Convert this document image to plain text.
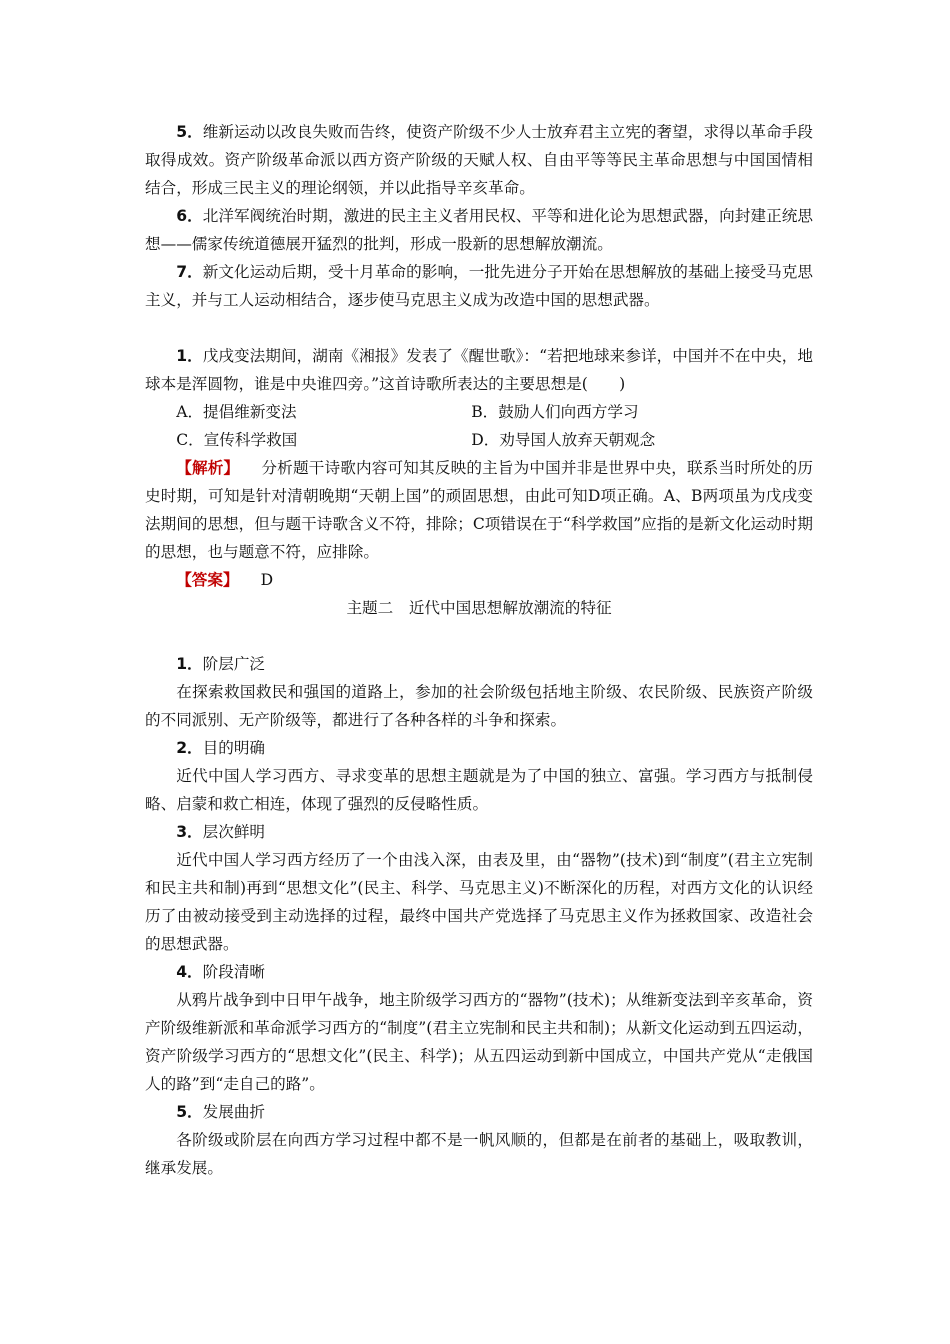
5．维新运动以改良失败而告终，使资产阶级不少人士放弃君主立宪的奢望，求得以革命手段取得成效。资产阶级革命派以西方资产阶级的天赋人权、自由平等等民主革命思想与中国国情相结合，形成三民主义的理论纲领，并以此指导辛亥革命。

6．北洋军阀统治时期，激进的民主主义者用民权、平等和进化论为思想武器，向封建正统思想——儒家传统道德展开猛烈的批判，形成一股新的思想解放潮流。

7．新文化运动后期，受十月革命的影响，一批先进分子开始在思想解放的基础上接受马克思主义，并与工人运动相结合，逐步使马克思主义成为改造中国的思想武器。

1．戊戌变法期间，湖南《湘报》发表了《醒世歌》：“若把地球来参详，中国并不在中央，地球本是浑圆物，谁是中央谁四旁。”这首诗歌所表达的主要思想是(　　)

A．提倡维新变法	B．鼓励人们向西方学习
C．宣传科学救国	D．劝导国人放弃天朝观念

【解析】 分析题干诗歌内容可知其反映的主旨为中国并非是世界中央，联系当时所处的历史时期，可知是针对清朝晚期“天朝上国”的顽固思想，由此可知D项正确。A、B两项虽为戊戌变法期间的思想，但与题干诗歌含义不符，排除；C项错误在于“科学救国”应指的是新文化运动时期的思想，也与题意不符，应排除。

【答案】 D

主题二　近代中国思想解放潮流的特征

1．阶层广泛

在探索救国救民和强国的道路上，参加的社会阶级包括地主阶级、农民阶级、民族资产阶级的不同派别、无产阶级等，都进行了各种各样的斗争和探索。

2．目的明确

近代中国人学习西方、寻求变革的思想主题就是为了中国的独立、富强。学习西方与抵制侵略、启蒙和救亡相连，体现了强烈的反侵略性质。

3．层次鲜明

近代中国人学习西方经历了一个由浅入深，由表及里，由“器物”(技术)到“制度”(君主立宪制和民主共和制)再到“思想文化”(民主、科学、马克思主义)不断深化的历程，对西方文化的认识经历了由被动接受到主动选择的过程，最终中国共产党选择了马克思主义作为拯救国家、改造社会的思想武器。

4．阶段清晰

从鸦片战争到中日甲午战争，地主阶级学习西方的“器物”(技术)；从维新变法到辛亥革命，资产阶级维新派和革命派学习西方的“制度”(君主立宪制和民主共和制)；从新文化运动到五四运动，资产阶级学习西方的“思想文化”(民主、科学)；从五四运动到新中国成立，中国共产党从“走俄国人的路”到“走自己的路”。

5．发展曲折

各阶级或阶层在向西方学习过程中都不是一帆风顺的，但都是在前者的基础上，吸取教训，继承发展。
